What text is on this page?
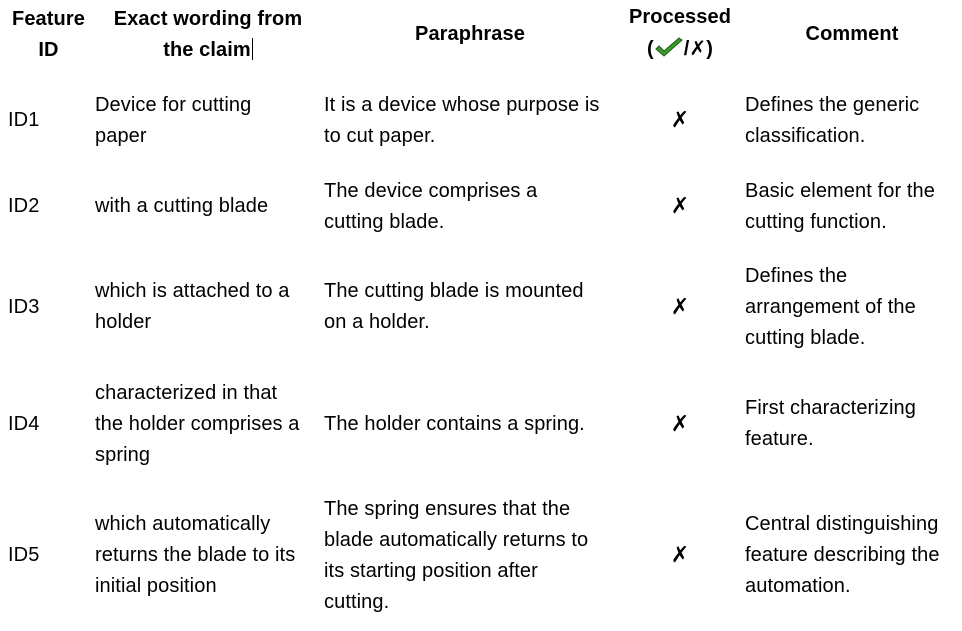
Feature
ID
Exact wording from
the claim
Paraphrase
Processed
( /✗)
Comment
ID1
Device for cutting
paper
It is a device whose purpose is
to cut paper.
✗
Defines the generic
classification.
ID2	with a cutting blade
The device comprises a
cutting blade.
✗
Basic element for the
cutting function.
ID3
which is attached to a
holder
The cutting blade is mounted
on a holder.
✗
Defines the
arrangement of the
cutting blade.
ID4
characterized in that
the holder comprises a
spring
The holder contains a spring.	✗
First characterizing
feature.
ID5
which automatically
returns the blade to its
initial position
The spring ensures that the
blade automatically returns to
its starting position after
cutting.
✗
Central distinguishing
feature describing the
automation.
